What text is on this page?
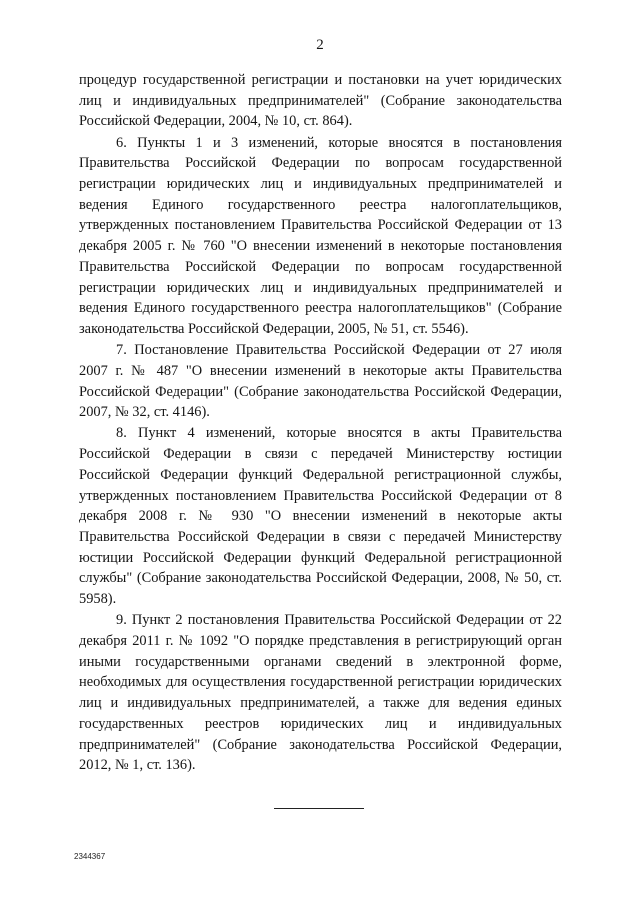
2

процедур государственной регистрации и постановки на учет юридических лиц и индивидуальных предпринимателей" (Собрание законодательства Российской Федерации, 2004, № 10, ст. 864).

6. Пункты 1 и 3 изменений, которые вносятся в постановления Правительства Российской Федерации по вопросам государственной регистрации юридических лиц и индивидуальных предпринимателей и ведения Единого государственного реестра налогоплательщиков, утвержденных постановлением Правительства Российской Федерации от 13 декабря 2005 г. № 760 "О внесении изменений в некоторые постановления Правительства Российской Федерации по вопросам государственной регистрации юридических лиц и индивидуальных предпринимателей и ведения Единого государственного реестра налогоплательщиков" (Собрание законодательства Российской Федерации, 2005, № 51, ст. 5546).

7. Постановление Правительства Российской Федерации от 27 июля 2007 г. № 487 "О внесении изменений в некоторые акты Правительства Российской Федерации" (Собрание законодательства Российской Федерации, 2007, № 32, ст. 4146).

8. Пункт 4 изменений, которые вносятся в акты Правительства Российской Федерации в связи с передачей Министерству юстиции Российской Федерации функций Федеральной регистрационной службы, утвержденных постановлением Правительства Российской Федерации от 8 декабря 2008 г. № 930 "О внесении изменений в некоторые акты Правительства Российской Федерации в связи с передачей Министерству юстиции Российской Федерации функций Федеральной регистрационной службы" (Собрание законодательства Российской Федерации, 2008, № 50, ст. 5958).

9. Пункт 2 постановления Правительства Российской Федерации от 22 декабря 2011 г. № 1092 "О порядке представления в регистрирующий орган иными государственными органами сведений в электронной форме, необходимых для осуществления государственной регистрации юридических лиц и индивидуальных предпринимателей, а также для ведения единых государственных реестров юридических лиц и индивидуальных предпринимателей" (Собрание законодательства Российской Федерации, 2012, № 1, ст. 136).

2344367
